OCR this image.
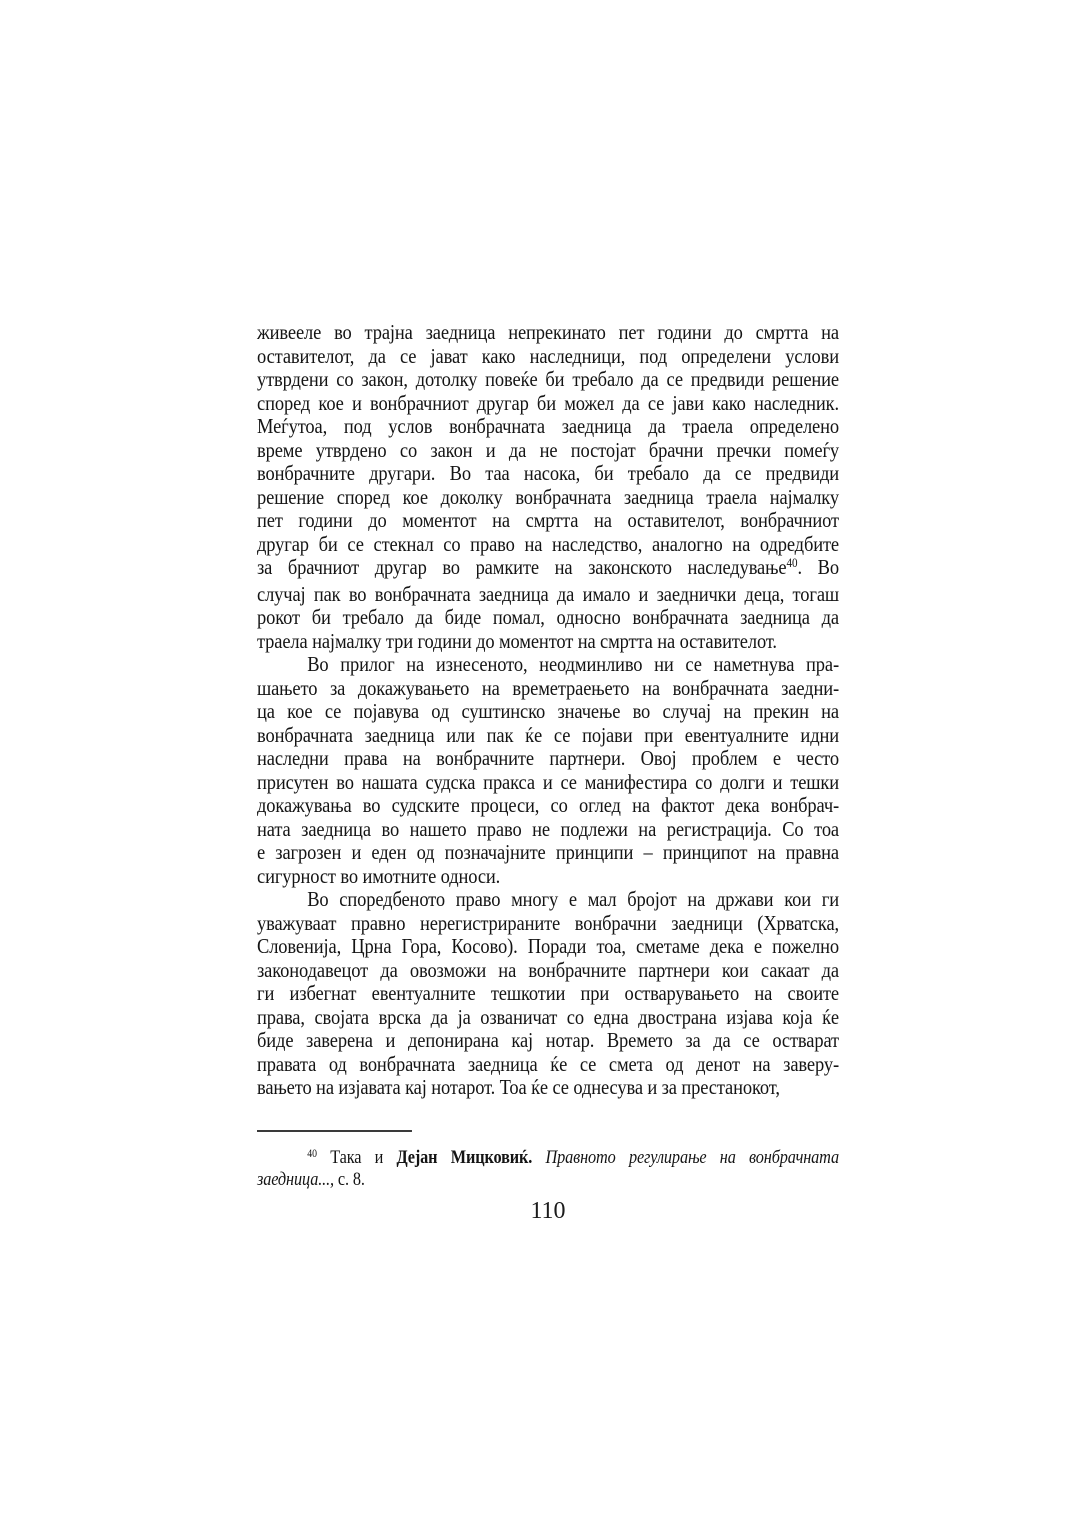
живееле во трајна заедница непрекинато пет години до смртта на
оставителот, да се јават како наследници, под определени услови
утврдени со закон, дотолку повеќе би требало да се предвиди решение
според кое и вонбрачниот другар би можел да се јави како наследник.
Меѓутоа, под услов вонбрачната заедница да траела определено
време утврдено со закон и да не постојат брачни пречки помеѓу
вонбрачните другари. Во таа насока, би требало да се предвиди
решение според кое доколку вонбрачната заедница траела најмалку
пет години до моментот на смртта на оставителот, вонбрачниот
другар би се стекнал со право на наследство, аналогно на одредбите
за брачниот другар во рамките на законското наследување$^{40}$. Во
случај пак во вонбрачната заедница да имало и заеднички деца, тогаш
рокот би требало да биде помал, односно вонбрачната заедница да
траела најмалку три години до моментот на смртта на оставителот.
Во прилог на изнесеното, неодминливо ни се наметнува пра-
шањето за докажувањето на времетраењето на вонбрачната заедни-
ца кое се појавува од суштинско значење во случај на прекин на
вонбрачната заедница или пак ќе се појави при евентуалните идни
наследни права на вонбрачните партнери. Овој проблем е често
присутен во нашата судска пракса и се манифестира со долги и тешки
докажувања во судските процеси, со оглед на фактот дека вонбрач-
ната заедница во нашето право не подлежи на регистрација. Со тоа
е загрозен и еден од позначајните принципи – принципот на правна
сигурност во имотните односи.
Во споредбеното право многу е мал бројот на држави кои ги
уважуваат правно нерегистрираните вонбрачни заедници (Хрватска,
Словенија, Црна Гора, Косово). Поради тоа, сметаме дека е пожелно
законодавецот да овозможи на вонбрачните партнери кои сакаат да
ги избегнат евентуалните тешкотии при остварувањето на своите
права, својата врска да ја озваничат со една двострана изјава која ќе
биде заверена и депонирана кај нотар. Времето за да се остварат
правата од вонбрачната заедница ќе се смета од денот на заверу-
вањето на изјавата кај нотарот. Тоа ќе се однесува и за престанокот,
$^{40}$ Така и Дејан Мицковиќ. Правното регулирање на вонбрачната
заедница..., с. 8.
110
